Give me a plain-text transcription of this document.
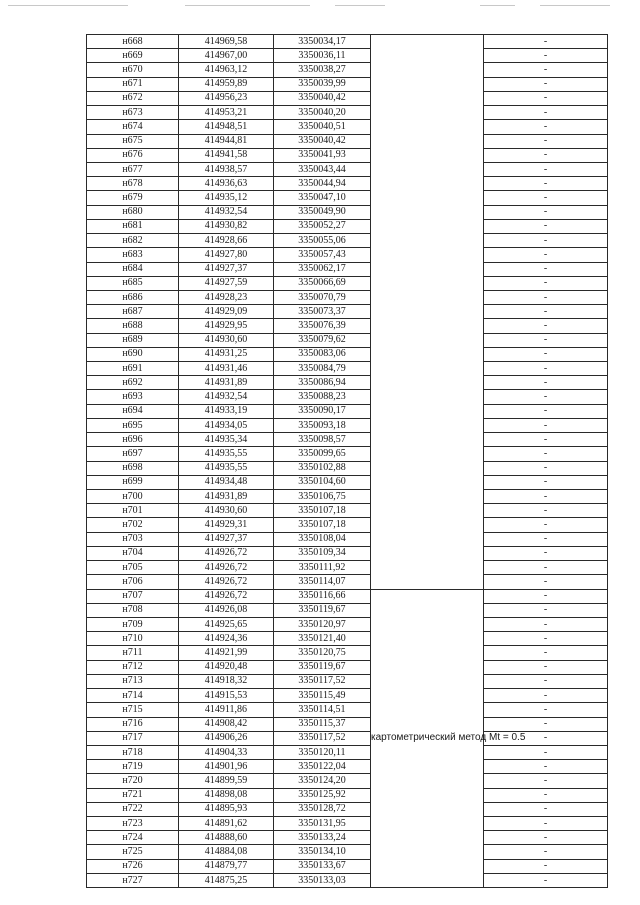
н668	414969,58	3350034,17		-
н669	414967,00	3350036,11		-
н670	414963,12	3350038,27		-
н671	414959,89	3350039,99		-
н672	414956,23	3350040,42		-
н673	414953,21	3350040,20		-
н674	414948,51	3350040,51		-
н675	414944,81	3350040,42		-
н676	414941,58	3350041,93		-
н677	414938,57	3350043,44		-
н678	414936,63	3350044,94		-
н679	414935,12	3350047,10		-
н680	414932,54	3350049,90		-
н681	414930,82	3350052,27		-
н682	414928,66	3350055,06		-
н683	414927,80	3350057,43		-
н684	414927,37	3350062,17		-
н685	414927,59	3350066,69		-
н686	414928,23	3350070,79		-
н687	414929,09	3350073,37		-
н688	414929,95	3350076,39		-
н689	414930,60	3350079,62		-
н690	414931,25	3350083,06		-
н691	414931,46	3350084,79		-
н692	414931,89	3350086,94		-
н693	414932,54	3350088,23		-
н694	414933,19	3350090,17		-
н695	414934,05	3350093,18		-
н696	414935,34	3350098,57		-
н697	414935,55	3350099,65		-
н698	414935,55	3350102,88		-
н699	414934,48	3350104,60		-
н700	414931,89	3350106,75		-
н701	414930,60	3350107,18		-
н702	414929,31	3350107,18		-
н703	414927,37	3350108,04		-
н704	414926,72	3350109,34		-
н705	414926,72	3350111,92		-
н706	414926,72	3350114,07		-
н707	414926,72	3350116,66	картометрический метод Mt = 0.5	-
н708	414926,08	3350119,67		-
н709	414925,65	3350120,97		-
н710	414924,36	3350121,40		-
н711	414921,99	3350120,75		-
н712	414920,48	3350119,67		-
н713	414918,32	3350117,52		-
н714	414915,53	3350115,49		-
н715	414911,86	3350114,51		-
н716	414908,42	3350115,37		-
н717	414906,26	3350117,52		-
н718	414904,33	3350120,11		-
н719	414901,96	3350122,04		-
н720	414899,59	3350124,20		-
н721	414898,08	3350125,92		-
н722	414895,93	3350128,72		-
н723	414891,62	3350131,95		-
н724	414888,60	3350133,24		-
н725	414884,08	3350134,10		-
н726	414879,77	3350133,67		-
н727	414875,25	3350133,03		-
